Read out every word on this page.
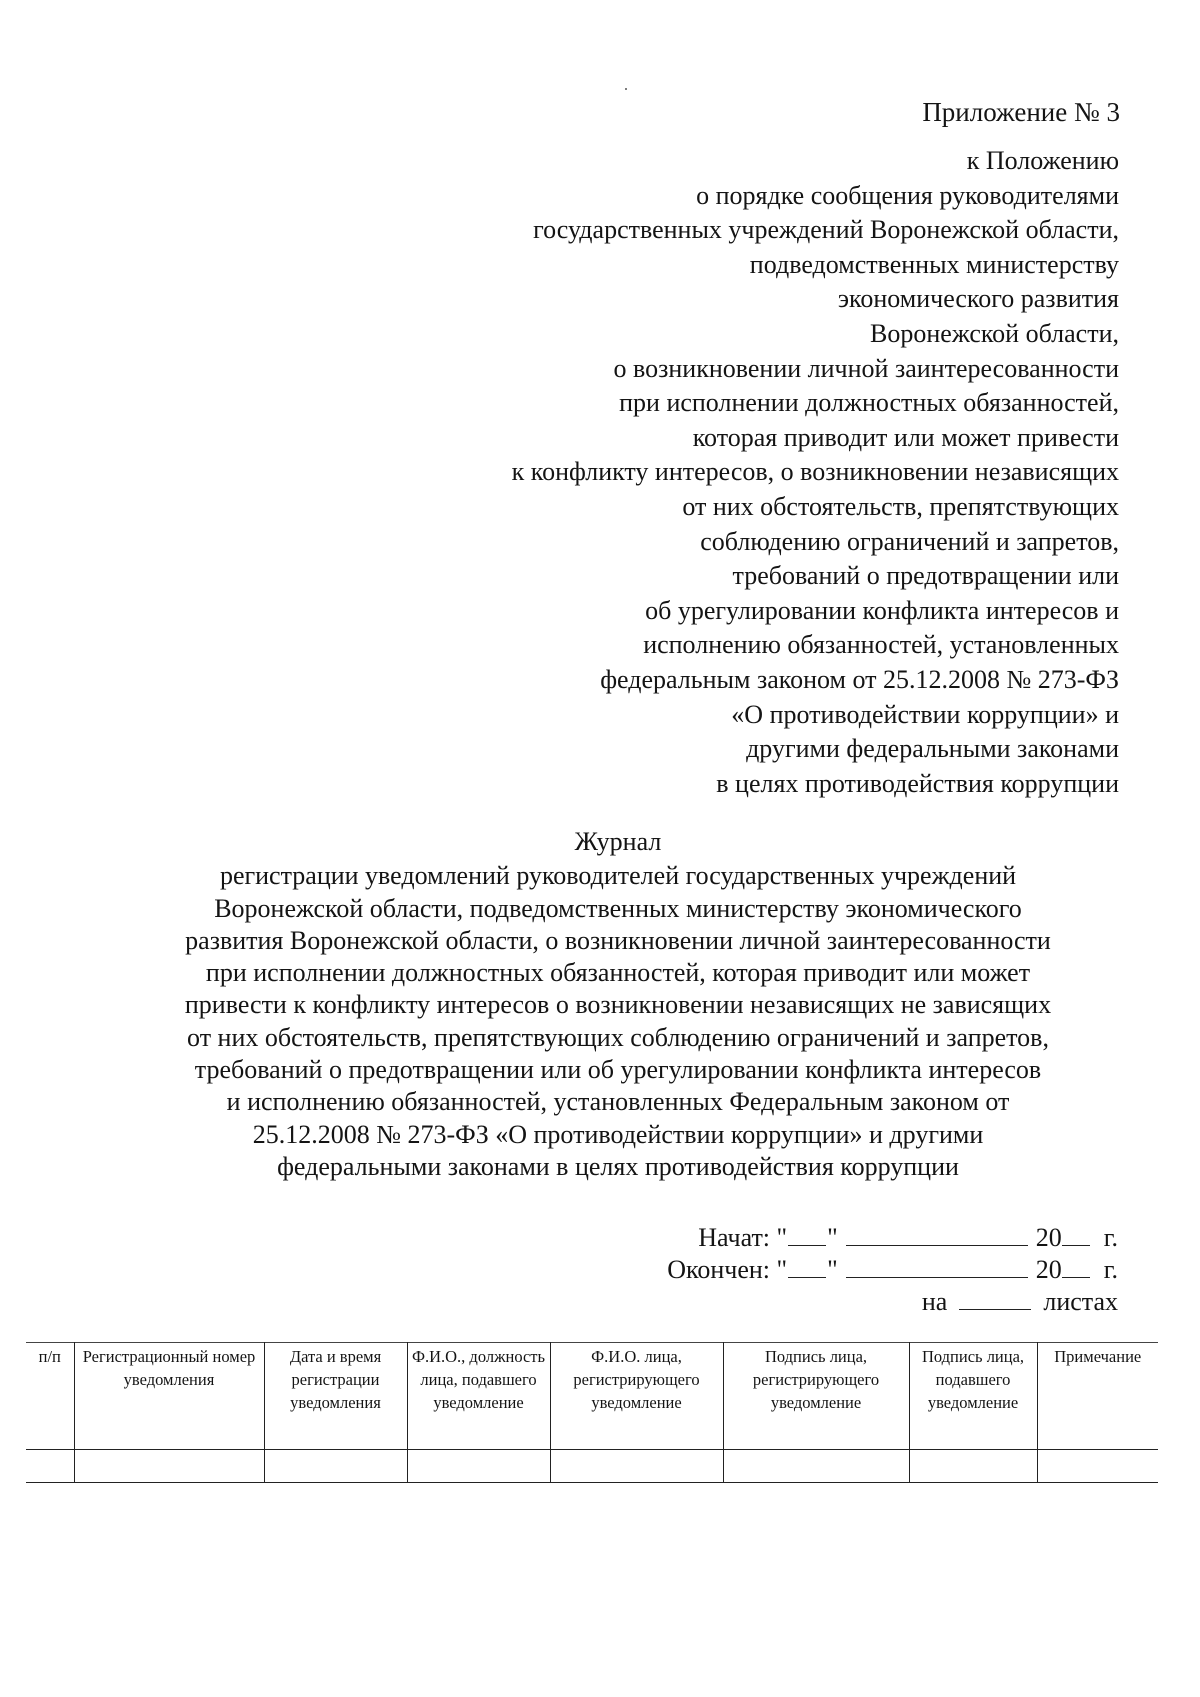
Приложение № 3
к Положению
о порядке сообщения руководителями
государственных учреждений Воронежской области,
подведомственных министерству
экономического развития
Воронежской области,
о возникновении личной заинтересованности
при исполнении должностных обязанностей,
которая приводит или может привести
к конфликту интересов, о возникновении независящих
от них обстоятельств, препятствующих
соблюдению ограничений и запретов,
требований о предотвращении или
об урегулировании конфликта интересов и
исполнению обязанностей, установленных
федеральным законом от 25.12.2008 № 273-ФЗ
«О противодействии коррупции» и
другими федеральными законами
в целях противодействия коррупции
Журнал
регистрации уведомлений руководителей государственных учреждений
Воронежской области, подведомственных министерству экономического
развития Воронежской области, о возникновении личной заинтересованности
при исполнении должностных обязанностей, которая приводит или может
привести к конфликту интересов о возникновении независящих не зависящих
от них обстоятельств, препятствующих соблюдению ограничений и запретов,
требований о предотвращении или об урегулировании конфликта интересов
и исполнению обязанностей, установленных Федеральным законом от
25.12.2008 № 273-ФЗ «О противодействии коррупции» и другими
федеральными законами в целях противодействия коррупции
Начат: " "	20 г.
Окончен: " "	20 г.
на	листах
п/п	Регистрационный номер уведомления	Дата и время регистрации уведомления	Ф.И.О., должность лица, подавшего уведомление	Ф.И.О. лица, регистрирующего уведомление	Подпись лица, регистрирующего уведомление	Подпись лица, подавшего уведомление	Примечание
